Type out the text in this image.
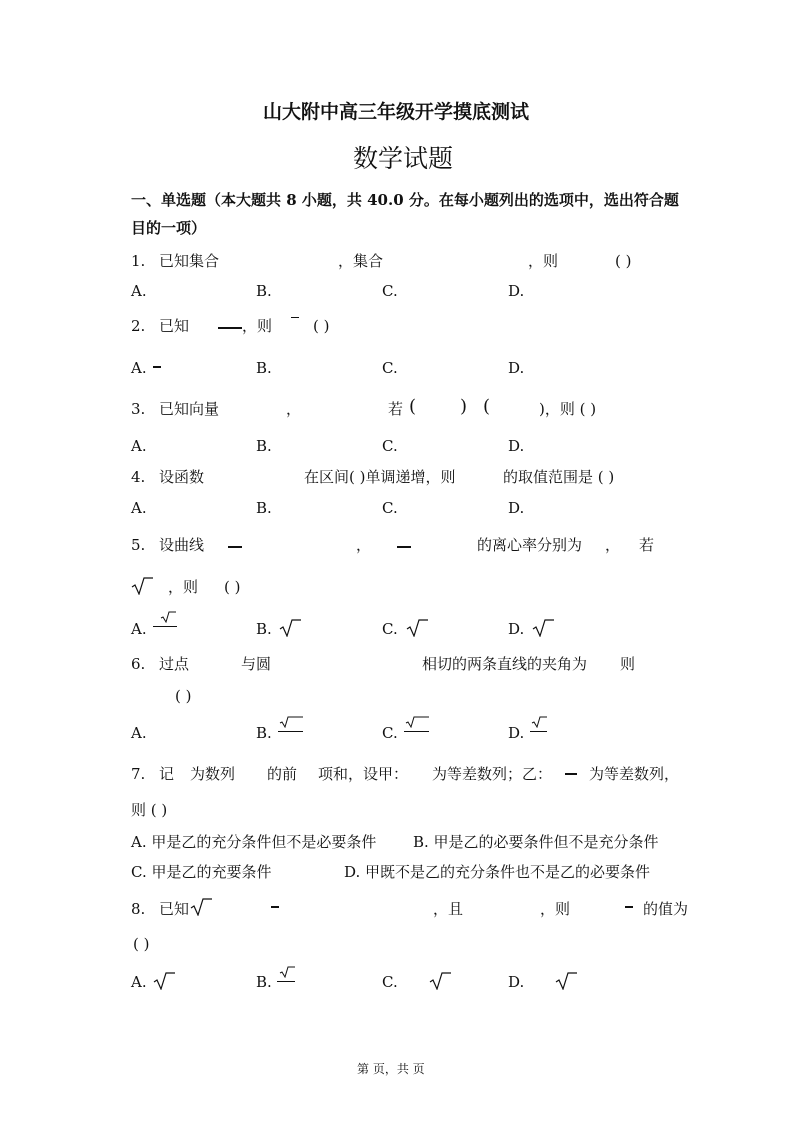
山大附中高三年级开学摸底测试
数学试题
一、单选题（本大题共 8 小题，共 40.0 分。在每小题列出的选项中，选出符合题
目的一项）
1. 已知集合	，集合	，则	( )
A.	B.	C.	D.
2. 已知	，则	( )
A.	B.	C.	D.
3. 已知向量	，	若 ( ) (	)，则 ( )
A.	B.	C.	D.
4. 设函数	在区间( )单调递增，则	的取值范围是 ( )
A.	B.	C.	D.
5. 设曲线	，	的离心率分别为 ， 若
，则 ( )
A.	B.	C.	D.
6. 过点	与圆	相切的两条直线的夹角为 则
( )
A.	B.	C.	D.
7. 记 为数列 的前 项和，设甲： 为等差数列；乙： 为等差数列，
则 ( )
A. 甲是乙的充分条件但不是必要条件 B. 甲是乙的必要条件但不是充分条件
C. 甲是乙的充要条件	D. 甲既不是乙的充分条件也不是乙的必要条件
8. 已知	，且	，则	的值为
( )
A.	B.	C.	D.
第 页，共 页
